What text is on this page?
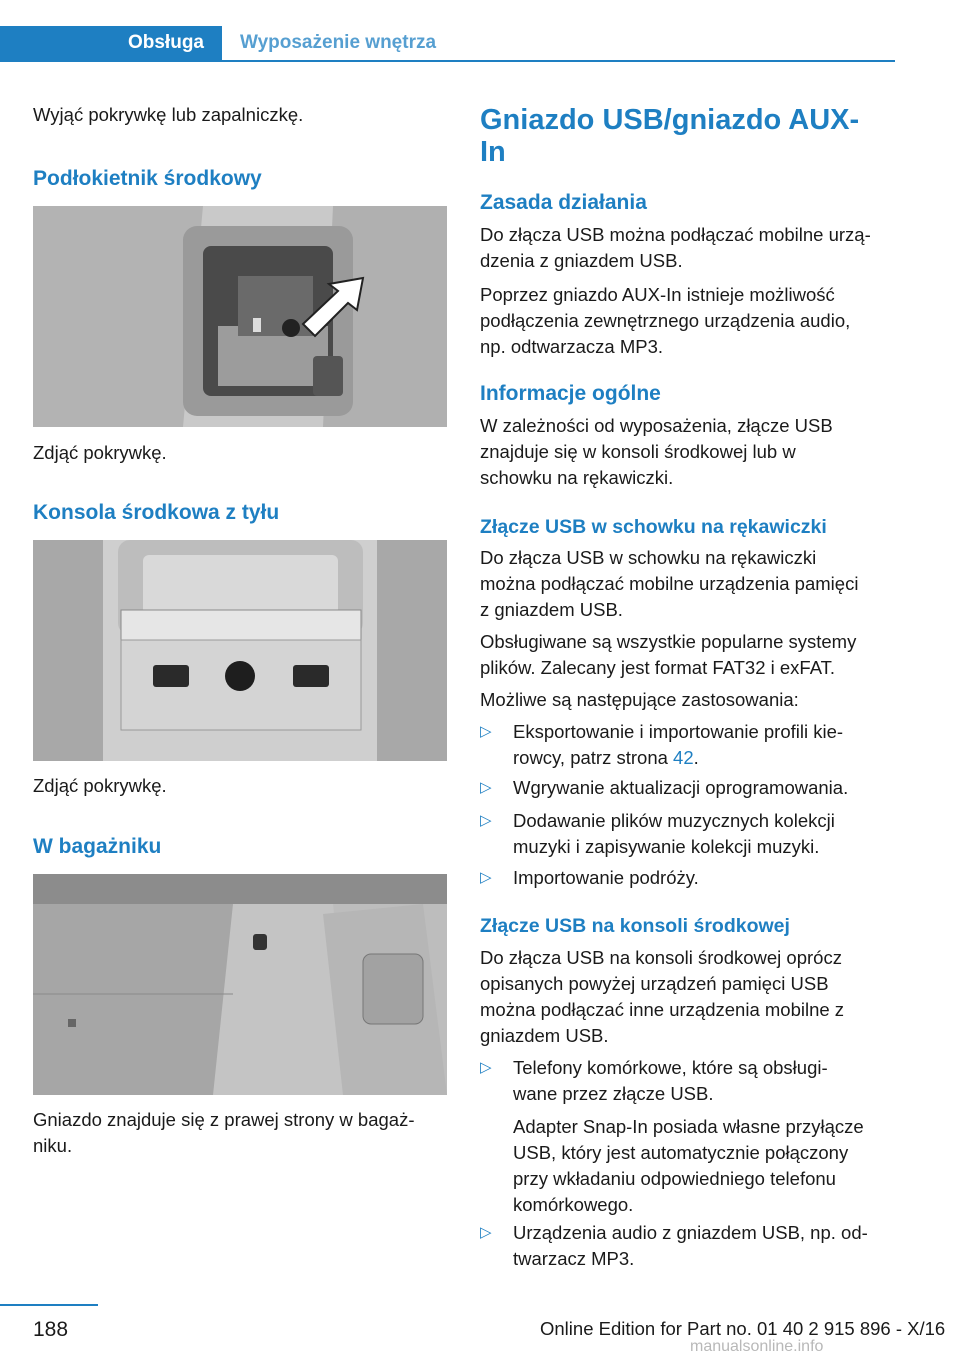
Obsługa	Wyposażenie wnętrza

Wyjąć pokrywkę lub zapalniczkę.

Podłokietnik środkowy

Zdjąć pokrywkę.

Konsola środkowa z tyłu

Zdjąć pokrywkę.

W bagażniku

Gniazdo znajduje się z prawej strony w bagaż‐

niku.

Gniazdo USB/gniazdo AUX-
In
Zasada działania

Do złącza USB można podłączać mobilne urzą‐

dzenia z gniazdem USB.

Poprzez gniazdo AUX-In istnieje możliwość

podłączenia zewnętrznego urządzenia audio,

np. odtwarzacza MP3.

Informacje ogólne

W zależności od wyposażenia, złącze USB

znajduje się w konsoli środkowej lub w

schowku na rękawiczki.

Złącze USB w schowku na rękawiczki

Do złącza USB w schowku na rękawiczki

można podłączać mobilne urządzenia pamięci

z gniazdem USB.

Obsługiwane są wszystkie popularne systemy

plików. Zalecany jest format FAT32 i exFAT.

Możliwe są następujące zastosowania:

▷ Eksportowanie i importowanie profili kie‐
rowcy, patrz strona 42.
▷ Wgrywanie aktualizacji oprogramowania.
▷ Dodawanie plików muzycznych kolekcji
muzyki i zapisywanie kolekcji muzyki.
▷ Importowanie podróży.
Złącze USB na konsoli środkowej

Do złącza USB na konsoli środkowej oprócz

opisanych powyżej urządzeń pamięci USB

można podłączać inne urządzenia mobilne z

gniazdem USB.

▷ Telefony komórkowe, które są obsługi‐
wane przez złącze USB.
Adapter Snap-In posiada własne przyłącze
USB, który jest automatycznie połączony
przy wkładaniu odpowiedniego telefonu
komórkowego.
▷ Urządzenia audio z gniazdem USB, np. od‐
twarzacz MP3.
188	Online Edition for Part no. 01 40 2 915 896 - X/16
manualsonline.info
